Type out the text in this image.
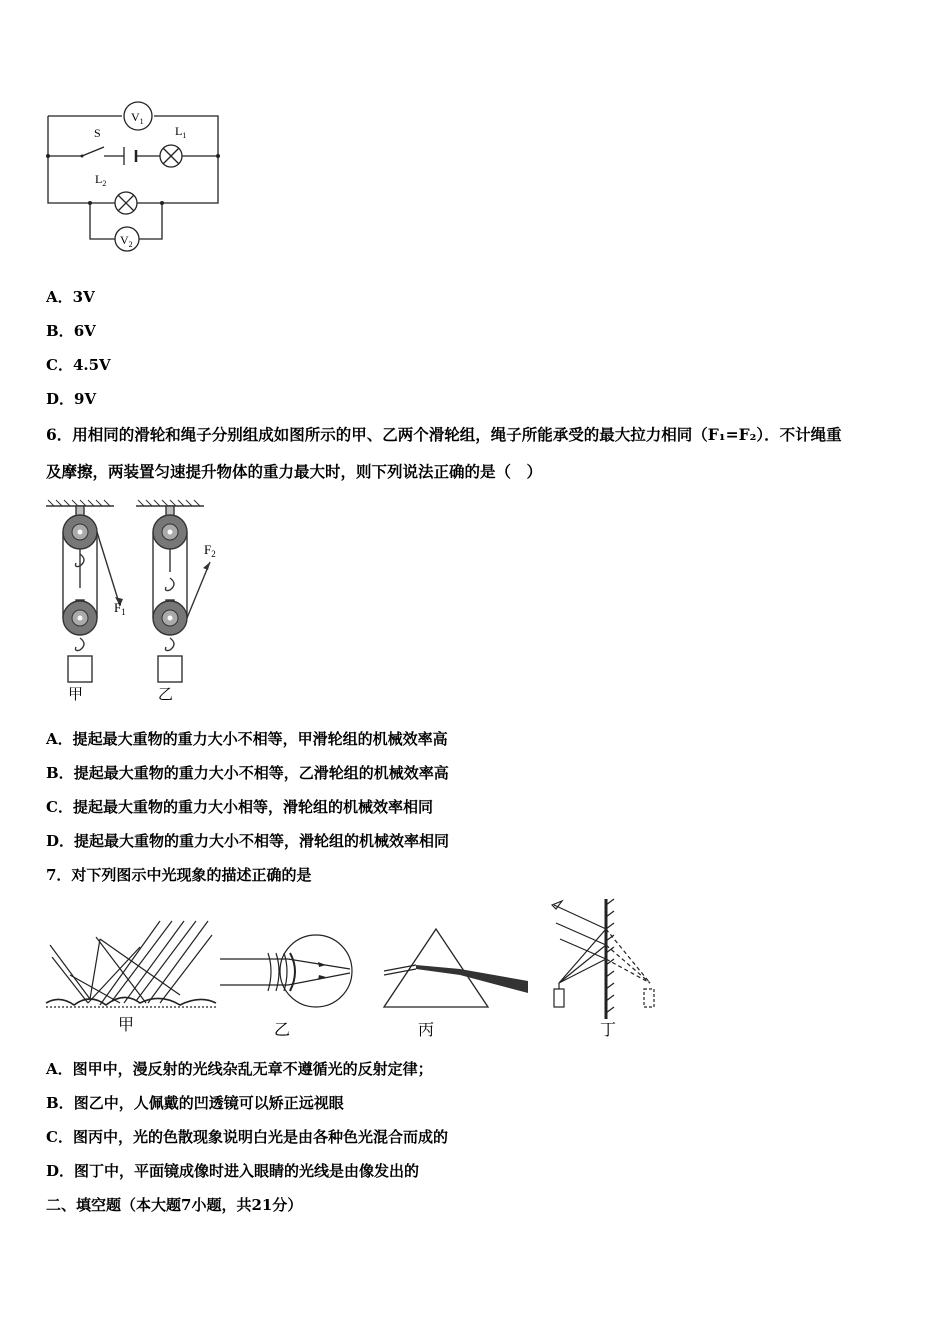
$V_1$
$V_2$
S	$L_1$
$L_2$
A．3V
B．6V
C．4.5V
D．9V
6．用相同的滑轮和绳子分别组成如图所示的甲、乙两个滑轮组，绳子所能承受的最大拉力相同（F₁=F₂）．不计绳重
及摩擦，两装置匀速提升物体的重力最大时，则下列说法正确的是（　）
$F_1$
$F_2$
甲	乙
A．提起最大重物的重力大小不相等，甲滑轮组的机械效率高
B．提起最大重物的重力大小不相等，乙滑轮组的机械效率高
C．提起最大重物的重力大小相等，滑轮组的机械效率相同
D．提起最大重物的重力大小不相等，滑轮组的机械效率相同
7．对下列图示中光现象的描述正确的是
甲	乙	丙	丁
A．图甲中，漫反射的光线杂乱无章不遵循光的反射定律；
B．图乙中，人佩戴的凹透镜可以矫正远视眼
C．图丙中，光的色散现象说明白光是由各种色光混合而成的
D．图丁中，平面镜成像时进入眼睛的光线是由像发出的
二、填空题（本大题7小题，共21分）
